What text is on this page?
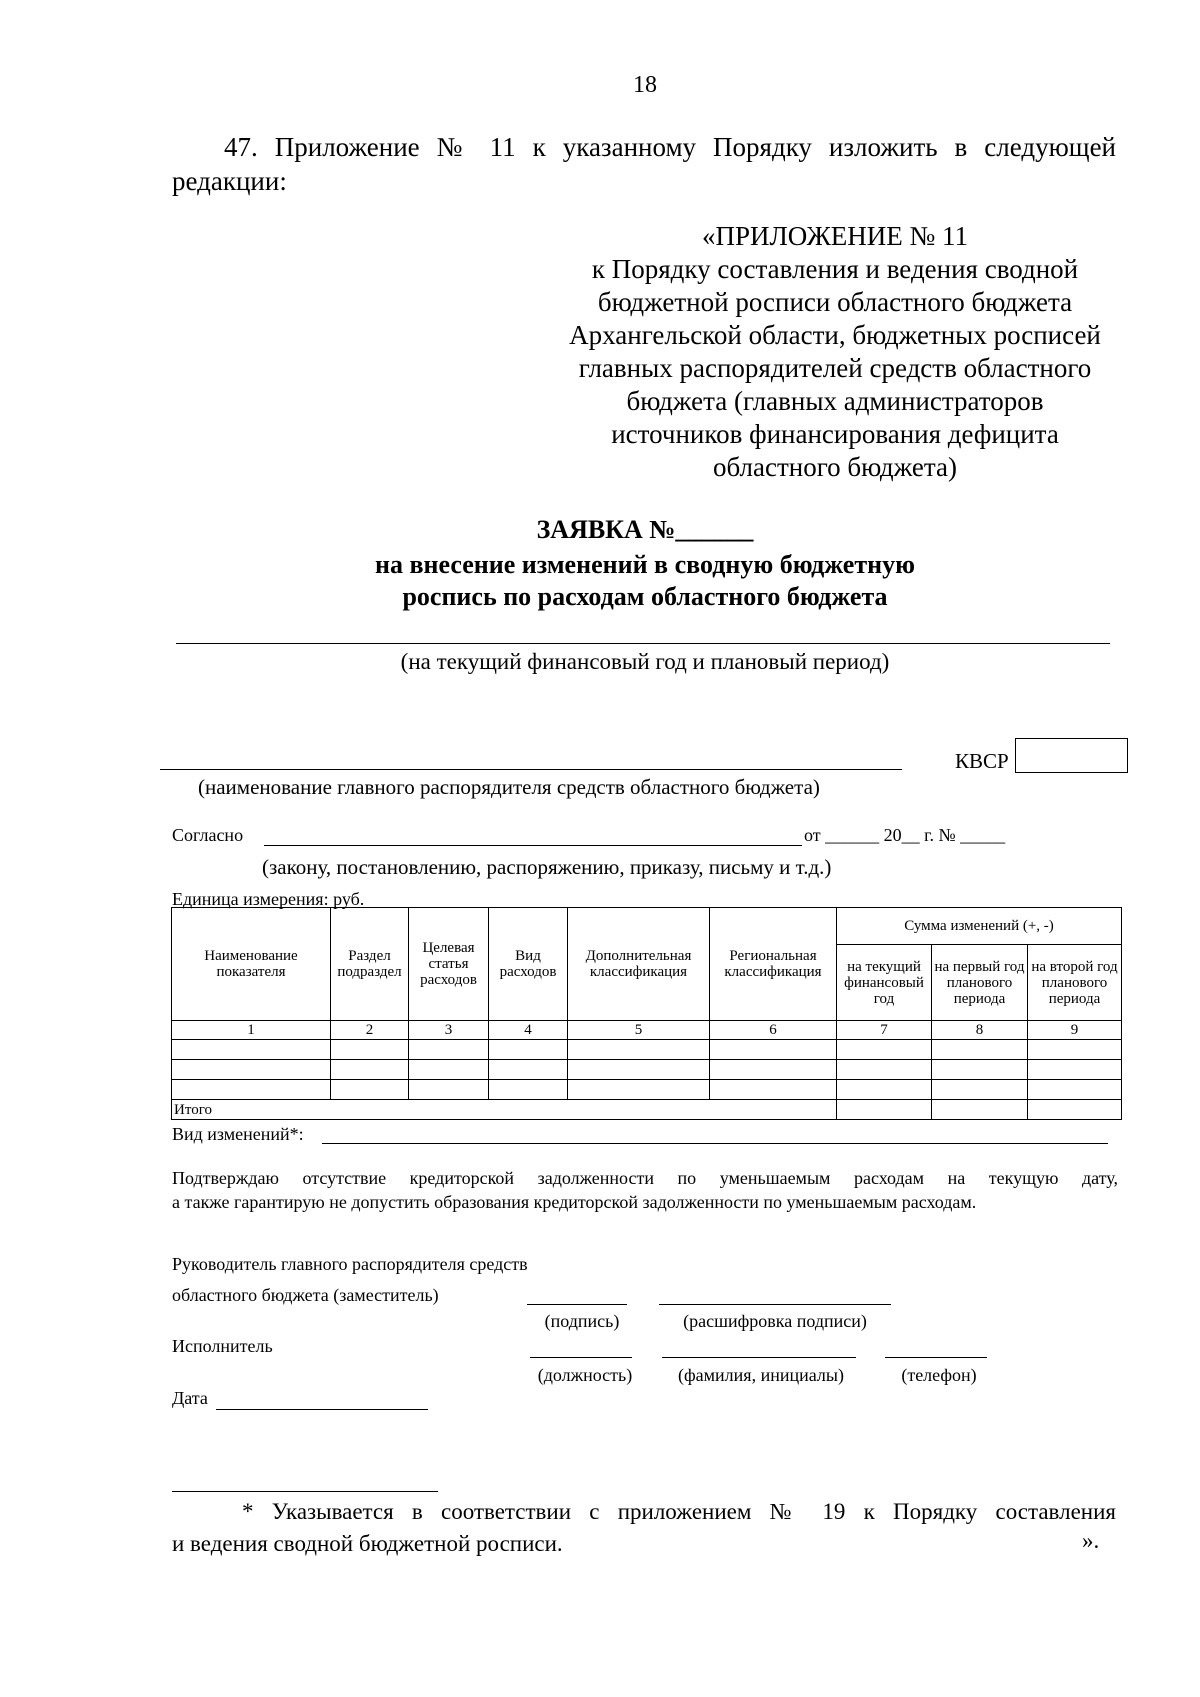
18
47. Приложение № 11 к указанному Порядку изложить в следующей
редакции:
«ПРИЛОЖЕНИЕ № 11
к Порядку составления и ведения сводной
бюджетной росписи областного бюджета
Архангельской области, бюджетных росписей
главных распорядителей средств областного
бюджета (главных администраторов
источников финансирования дефицита
областного бюджета)
ЗАЯВКА №______
на внесение изменений в сводную бюджетную
роспись по расходам областного бюджета
(на текущий финансовый год и плановый период)
КВСР
(наименование главного распорядителя средств областного бюджета)
Согласно	от ______ 20__ г. № _____
(закону, постановлению, распоряжению, приказу, письму и т.д.)
Единица измерения: руб.
Наименование показателя	Раздел подраздел	Целевая статья расходов	Вид расходов	Дополнительная классификация	Региональная классификация	Сумма изменений (+, -)		
						на текущий финансовый год	на первый год планового периода	на второй год планового периода
1	2	3	4	5	6	7	8	9

Итого								
Вид изменений*:
Подтверждаю отсутствие кредиторской задолженности по уменьшаемым расходам на текущую дату,
а также гарантирую не допустить образования кредиторской задолженности по уменьшаемым расходам.
Руководитель главного распорядителя средств
областного бюджета (заместитель)
(подпись)	(расшифровка подписи)
Исполнитель
(должность)	(фамилия, инициалы)	(телефон)
Дата
* Указывается в соответствии с приложением № 19 к Порядку составления
и ведения сводной бюджетной росписи.	».
